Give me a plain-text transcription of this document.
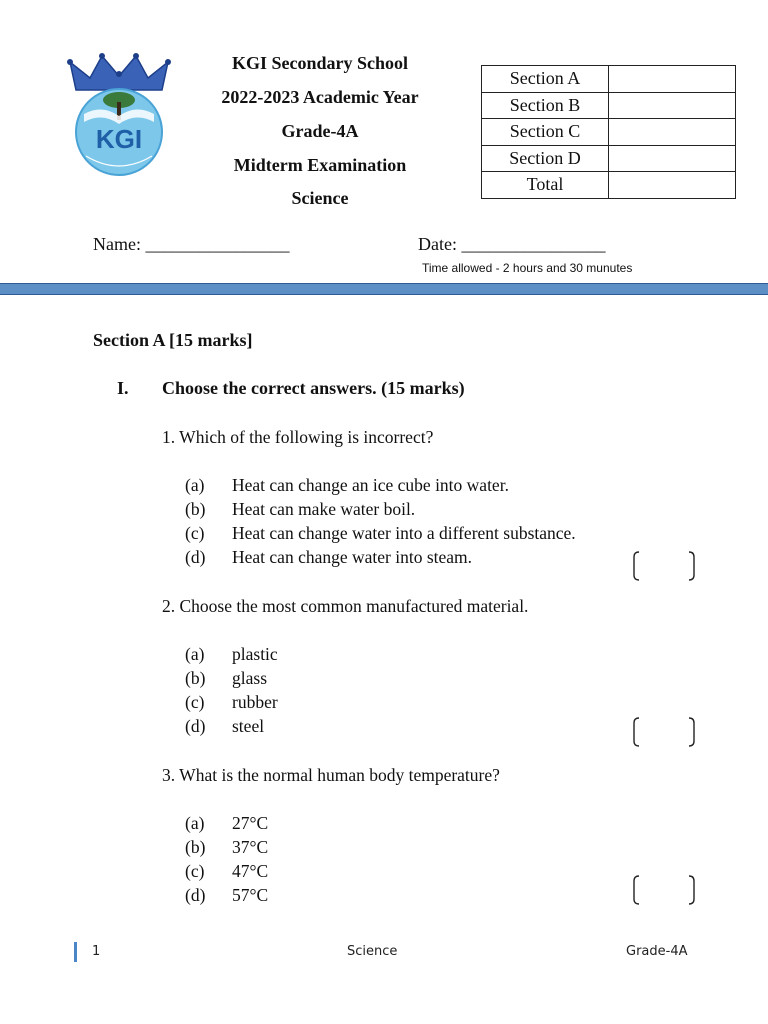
KGI
KGI Secondary School
2022-2023 Academic Year
Grade-4A
Midterm Examination
Science
Section A	
Section B	
Section C	
Section D	
Total	
Name: ________________	Date: ________________
Time allowed - 2 hours and 30 munutes
Section A [15 marks]
I. Choose the correct answers. (15 marks)
1. Which of the following is incorrect?
(a) Heat can change an ice cube into water.
(b) Heat can make water boil.
(c) Heat can change water into a different substance.
(d) Heat can change water into steam.
2. Choose the most common manufactured material.
(a) plastic
(b) glass
(c) rubber
(d) steel
3. What is the normal human body temperature?
(a) 27°C
(b) 37°C
(c) 47°C
(d) 57°C
1	Science	Grade-4A
